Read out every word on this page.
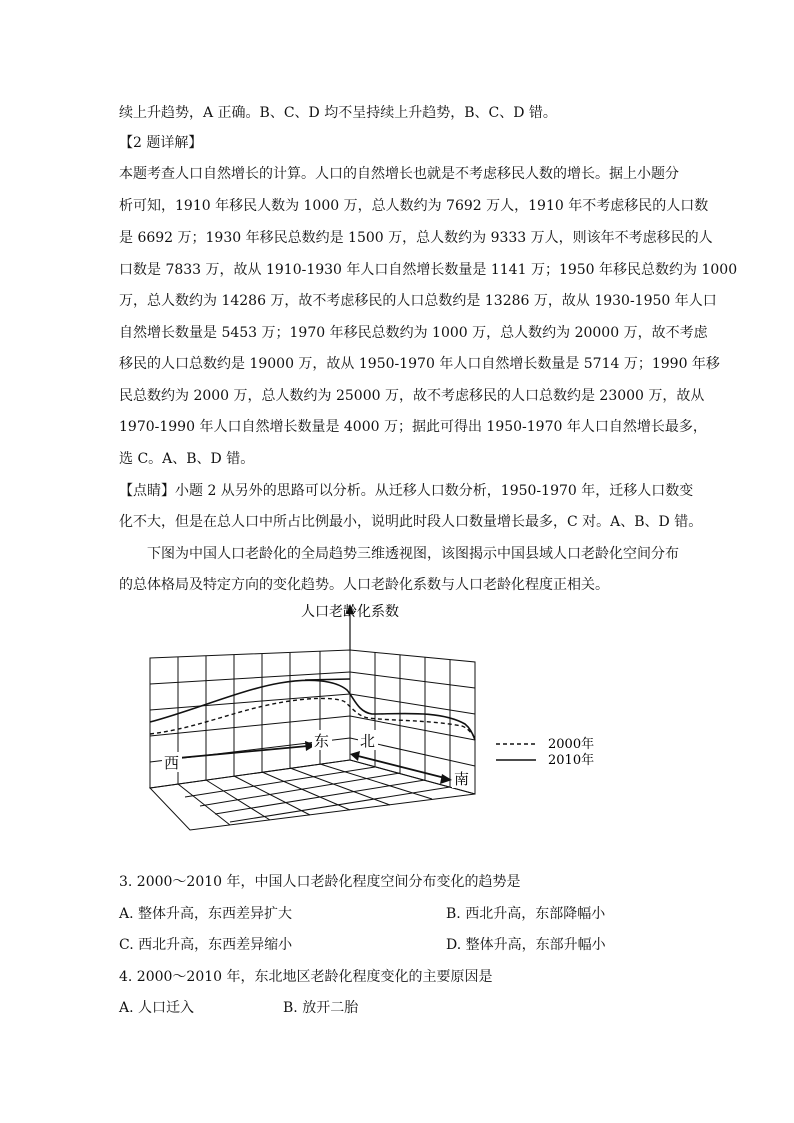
续上升趋势，A 正确。B、C、D 均不呈持续上升趋势，B、C、D 错。
【2 题详解】
本题考查人口自然增长的计算。人口的自然增长也就是不考虑移民人数的增长。据上小题分
析可知，1910 年移民人数为 1000 万，总人数约为 7692 万人，1910 年不考虑移民的人口数
是 6692 万；1930 年移民总数约是 1500 万，总人数约为 9333 万人，则该年不考虑移民的人
口数是 7833 万，故从 1910-1930 年人口自然增长数量是 1141 万；1950 年移民总数约为 1000
万，总人数约为 14286 万，故不考虑移民的人口总数约是 13286 万，故从 1930-1950 年人口
自然增长数量是 5453 万；1970 年移民总数约为 1000 万，总人数约为 20000 万，故不考虑
移民的人口总数约是 19000 万，故从 1950-1970 年人口自然增长数量是 5714 万；1990 年移
民总数约为 2000 万，总人数约为 25000 万，故不考虑移民的人口总数约是 23000 万，故从
1970-1990 年人口自然增长数量是 4000 万；据此可得出 1950-1970 年人口自然增长最多，
选 C。A、B、D 错。
【点睛】小题 2 从另外的思路可以分析。从迁移人口数分析，1950-1970 年，迁移人口数变
化不大，但是在总人口中所占比例最小，说明此时段人口数量增长最多，C 对。A、B、D 错。
下图为中国人口老龄化的全局趋势三维透视图，该图揭示中国县域人口老龄化空间分布
的总体格局及特定方向的变化趋势。人口老龄化系数与人口老龄化程度正相关。
人口老龄化系数
西
东 北
南
2000年
2010年
3. 2000～2010 年，中国人口老龄化程度空间分布变化的趋势是
A. 整体升高，东西差异扩大	B. 西北升高，东部降幅小
C. 西北升高，东西差异缩小	D. 整体升高，东部升幅小
4. 2000～2010 年，东北地区老龄化程度变化的主要原因是
A. 人口迁入	B. 放开二胎
